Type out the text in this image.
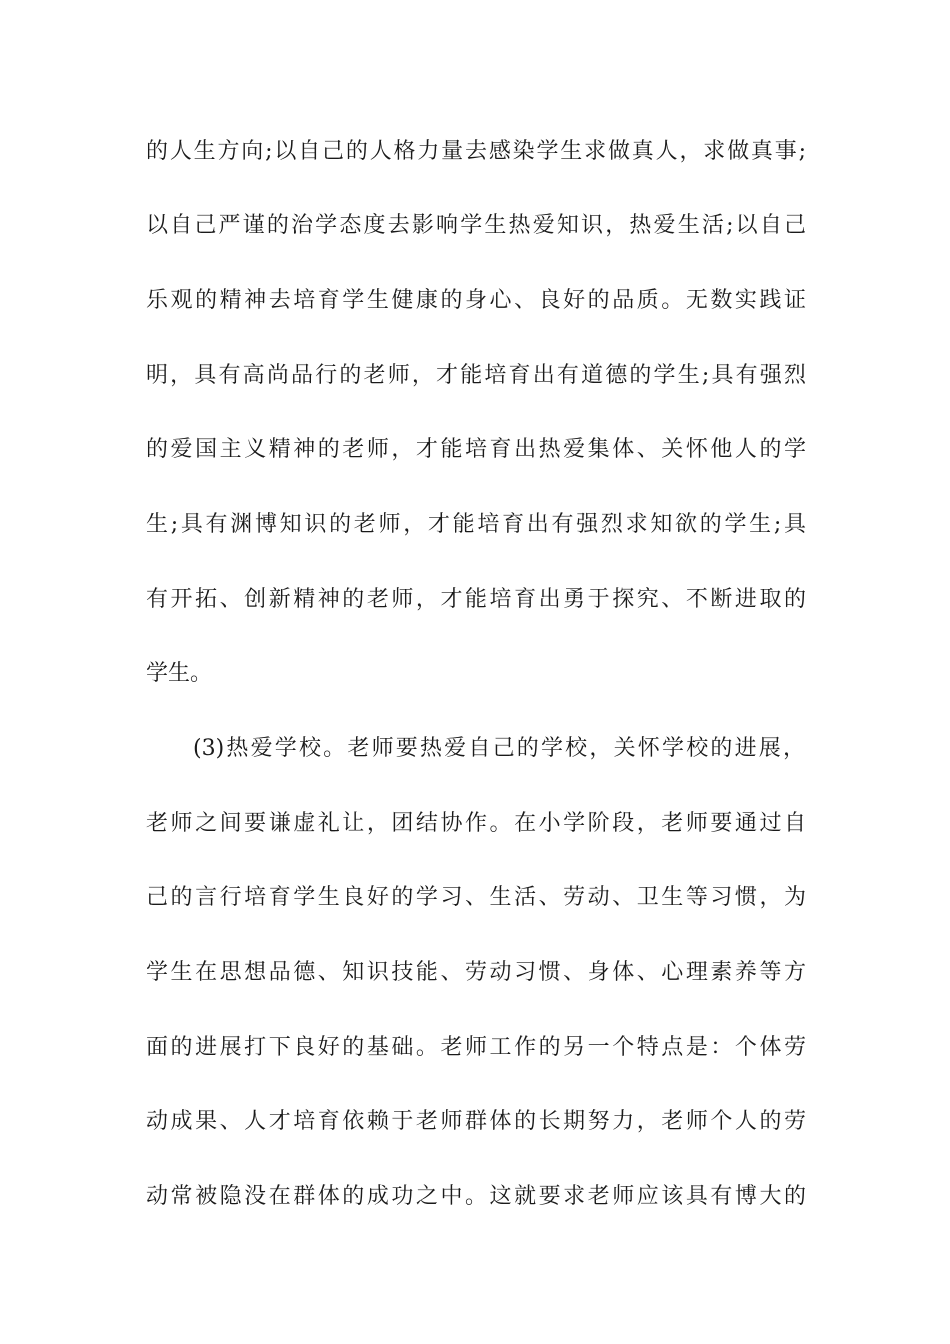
的人生方向;以自己的人格力量去感染学生求做真人，求做真事;
以自己严谨的治学态度去影响学生热爱知识，热爱生活;以自己
乐观的精神去培育学生健康的身心、良好的品质。无数实践证
明，具有高尚品行的老师，才能培育出有道德的学生;具有强烈
的爱国主义精神的老师，才能培育出热爱集体、关怀他人的学
生;具有渊博知识的老师，才能培育出有强烈求知欲的学生;具
有开拓、创新精神的老师，才能培育出勇于探究、不断进取的
学生。
(3)热爱学校。老师要热爱自己的学校，关怀学校的进展，
老师之间要谦虚礼让，团结协作。在小学阶段，老师要通过自
己的言行培育学生良好的学习、生活、劳动、卫生等习惯，为
学生在思想品德、知识技能、劳动习惯、身体、心理素养等方
面的进展打下良好的基础。老师工作的另一个特点是：个体劳
动成果、人才培育依赖于老师群体的长期努力，老师个人的劳
动常被隐没在群体的成功之中。这就要求老师应该具有博大的
